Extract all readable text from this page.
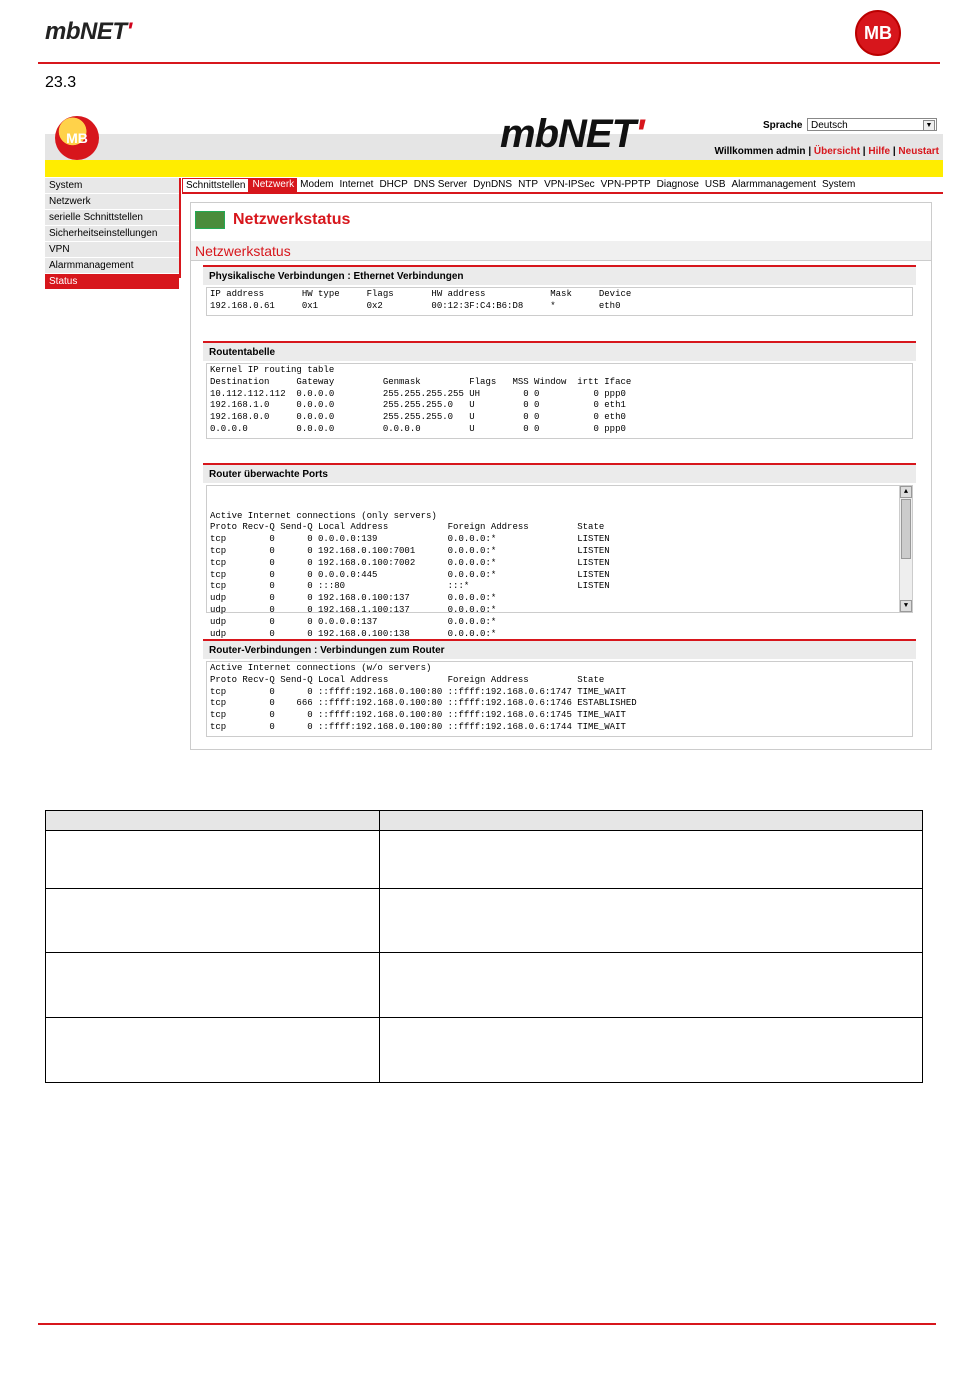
mbNET'	MB
23.3
MB	mbNET'	Sprache Deutsch	▼
Willkommen admin | Übersicht | Hilfe | Neustart
System
Netzwerk
serielle Schnittstellen
Sicherheitseinstellungen
VPN
Alarmmanagement
Status
Schnittstellen Netzwerk Modem Internet DHCP DNS Server DynDNS NTP VPN-IPSec VPN-PPTP Diagnose USB Alarmmanagement System
Netzwerkstatus
Netzwerkstatus
Physikalische Verbindungen : Ethernet Verbindungen
IP address       HW type     Flags       HW address            Mask     Device
192.168.0.61     0x1         0x2         00:12:3F:C4:B6:D8     *        eth0
Routentabelle
Kernel IP routing table
Destination     Gateway         Genmask         Flags   MSS Window  irtt Iface
10.112.112.112  0.0.0.0         255.255.255.255 UH        0 0          0 ppp0
192.168.1.0     0.0.0.0         255.255.255.0   U         0 0          0 eth1
192.168.0.0     0.0.0.0         255.255.255.0   U         0 0          0 eth0
0.0.0.0         0.0.0.0         0.0.0.0         U         0 0          0 ppp0
Router überwachte Ports

Active Internet connections (only servers)
Proto Recv-Q Send-Q Local Address           Foreign Address         State
tcp        0      0 0.0.0.0:139             0.0.0.0:*               LISTEN
tcp        0      0 192.168.0.100:7001      0.0.0.0:*               LISTEN
tcp        0      0 192.168.0.100:7002      0.0.0.0:*               LISTEN
tcp        0      0 0.0.0.0:445             0.0.0.0:*               LISTEN
tcp        0      0 :::80                   :::*                    LISTEN
udp        0      0 192.168.0.100:137       0.0.0.0:*
udp        0      0 192.168.1.100:137       0.0.0.0:*
udp        0      0 0.0.0.0:137             0.0.0.0:*
udp        0      0 192.168.0.100:138       0.0.0.0:*

▲

▼

Router-Verbindungen : Verbindungen zum Router
Active Internet connections (w/o servers)
Proto Recv-Q Send-Q Local Address           Foreign Address         State
tcp        0      0 ::ffff:192.168.0.100:80 ::ffff:192.168.0.6:1747 TIME_WAIT
tcp        0    666 ::ffff:192.168.0.100:80 ::ffff:192.168.0.6:1746 ESTABLISHED
tcp        0      0 ::ffff:192.168.0.100:80 ::ffff:192.168.0.6:1745 TIME_WAIT
tcp        0      0 ::ffff:192.168.0.100:80 ::ffff:192.168.0.6:1744 TIME_WAIT
